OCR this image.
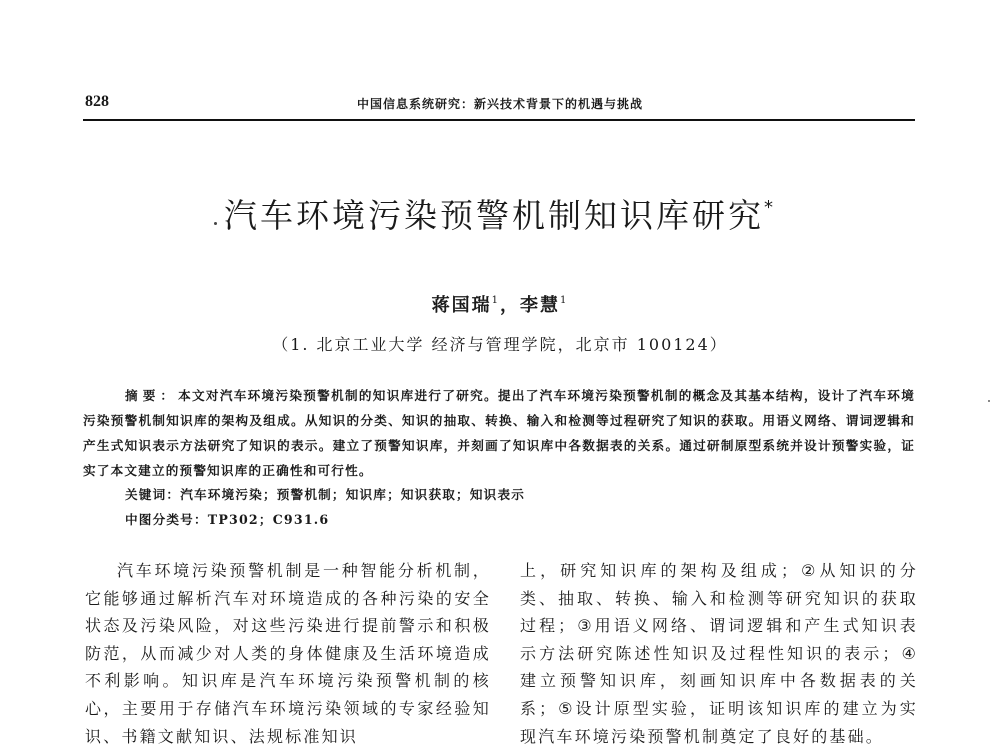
828	中国信息系统研究：新兴技术背景下的机遇与挑战
汽车环境污染预警机制知识库研究*
蒋国瑞$^1$，李慧$^1$
（1. 北京工业大学 经济与管理学院，北京市 100124）
摘要：本文对汽车环境污染预警机制的知识库进行了研究。提出了汽车环境污染预警机制的概念及其基本结构，设计了汽车环境污染预警机制知识库的架构及组成。从知识的分类、知识的抽取、转换、输入和检测等过程研究了知识的获取。用语义网络、谓词逻辑和产生式知识表示方法研究了知识的表示。建立了预警知识库，并刻画了知识库中各数据表的关系。通过研制原型系统并设计预警实验，证实了本文建立的预警知识库的正确性和可行性。
关键词：汽车环境污染；预警机制；知识库；知识获取；知识表示
中图分类号：TP302；C931.6
汽车环境污染预警机制是一种智能分析机制，它能够通过解析汽车对环境造成的各种污染的安全状态及污染风险，对这些污染进行提前警示和积极防范，从而减少对人类的身体健康及生活环境造成不利影响。知识库是汽车环境污染预警机制的核心，主要用于存储汽车环境污染领域的专家经验知识、书籍文献知识、法规标准知识
上，研究知识库的架构及组成；②从知识的分类、抽取、转换、输入和检测等研究知识的获取过程；③用语义网络、谓词逻辑和产生式知识表示方法研究陈述性知识及过程性知识的表示；④建立预警知识库，刻画知识库中各数据表的关系；⑤设计原型实验，证明该知识库的建立为实现汽车环境污染预警机制奠定了良好的基础。
